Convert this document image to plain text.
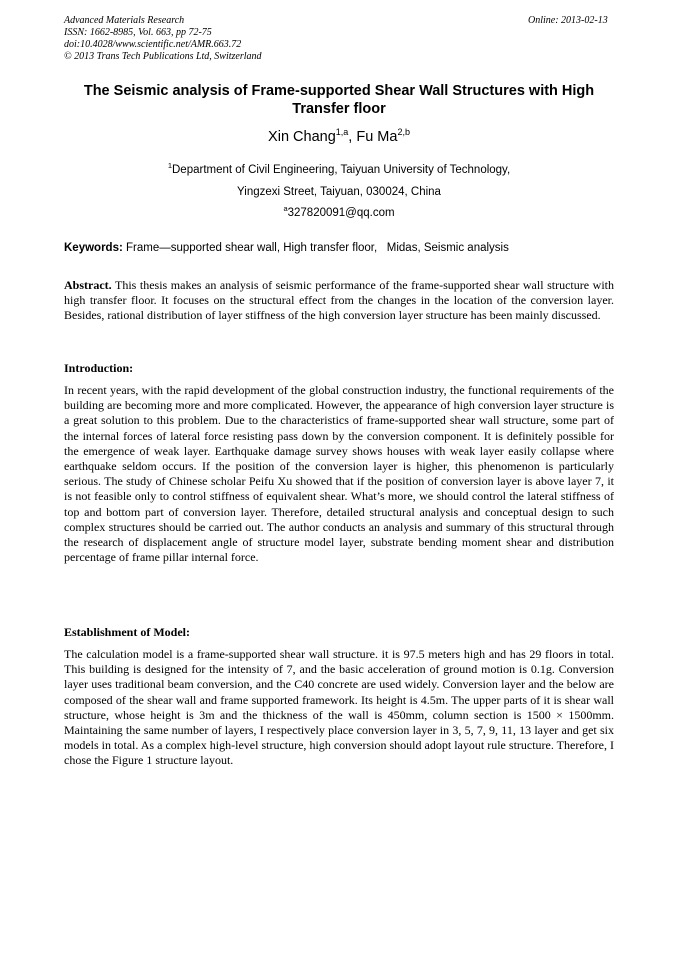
Advanced Materials Research
ISSN: 1662-8985, Vol. 663, pp 72-75
doi:10.4028/www.scientific.net/AMR.663.72
© 2013 Trans Tech Publications Ltd, Switzerland
Online: 2013-02-13
The Seismic analysis of Frame-supported Shear Wall Structures with High Transfer floor
Xin Chang$^{1,a}$, Fu Ma$^{2,b}$
$^1$Department of Civil Engineering, Taiyuan University of Technology,
Yingzexi Street, Taiyuan, 030024, China
$^a$327820091@qq.com
Keywords: Frame—supported shear wall, High transfer floor,   Midas, Seismic analysis
Abstract. This thesis makes an analysis of seismic performance of the frame-supported shear wall structure with high transfer floor. It focuses on the structural effect from the changes in the location of the conversion layer. Besides, rational distribution of layer stiffness of the high conversion layer structure has been mainly discussed.
Introduction:
In recent years, with the rapid development of the global construction industry, the functional requirements of the building are becoming more and more complicated. However, the appearance of high conversion layer structure is a great solution to this problem. Due to the characteristics of frame-supported shear wall structure, some part of the internal forces of lateral force resisting pass down by the conversion component. It is definitely possible for the emergence of weak layer. Earthquake damage survey shows houses with weak layer easily collapse where earthquake seldom occurs. If the position of the conversion layer is higher, this phenomenon is particularly serious. The study of Chinese scholar Peifu Xu showed that if the position of conversion layer is above layer 7, it is not feasible only to control stiffness of equivalent shear. What’s more, we should control the lateral stiffness of top and bottom part of conversion layer. Therefore, detailed structural analysis and conceptual design to such complex structures should be carried out. The author conducts an analysis and summary of this structural through the research of displacement angle of structure model layer, substrate bending moment shear and distribution percentage of frame pillar internal force.
Establishment of Model:
The calculation model is a frame-supported shear wall structure. it is 97.5 meters high and has 29 floors in total. This building is designed for the intensity of 7, and the basic acceleration of ground motion is 0.1g. Conversion layer uses traditional beam conversion, and the C40 concrete are used widely. Conversion layer and the below are composed of the shear wall and frame supported framework. Its height is 4.5m. The upper parts of it is shear wall structure, whose height is 3m and the thickness of the wall is 450mm, column section is 1500 × 1500mm. Maintaining the same number of layers, I respectively place conversion layer in 3, 5, 7, 9, 11, 13 layer and get six models in total. As a complex high-level structure, high conversion should adopt layout rule structure. Therefore, I chose the Figure 1 structure layout.
